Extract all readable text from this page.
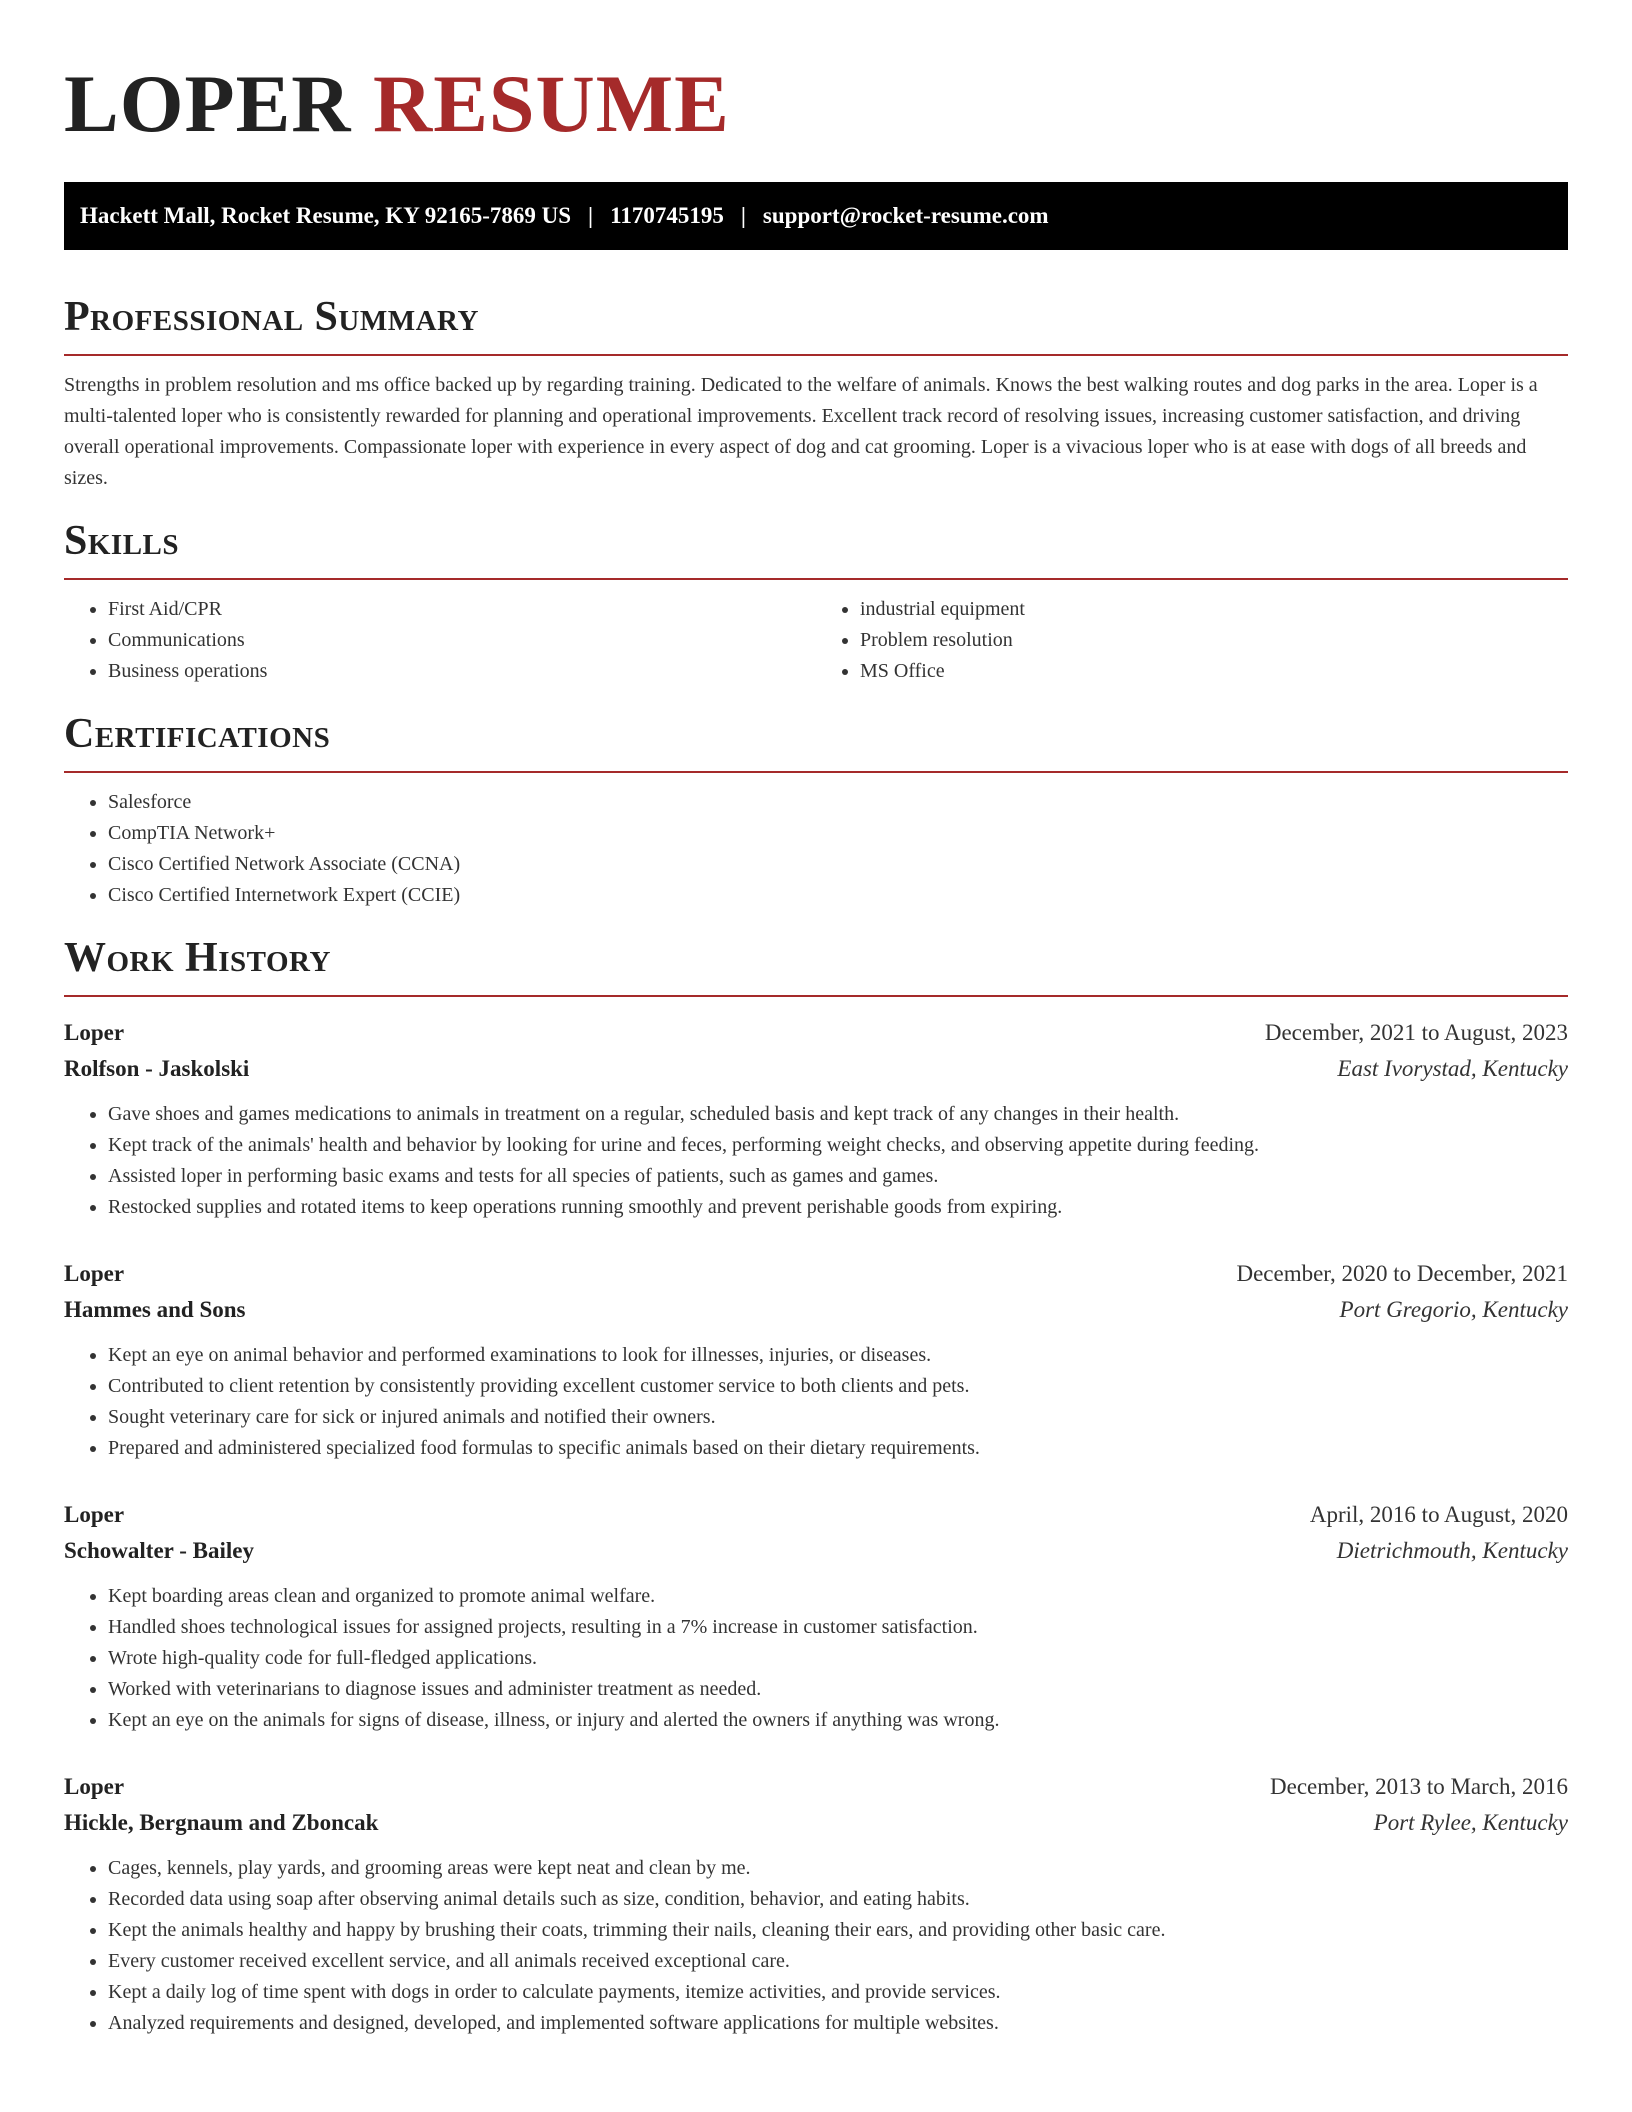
LOPER RESUME
Hackett Mall, Rocket Resume, KY 92165-7869 US | 1170745195 | support@rocket-resume.com
Professional Summary

Strengths in problem resolution and ms office backed up by regarding training. Dedicated to the welfare of animals. Knows the best walking routes and dog parks in the area. Loper is a multi-talented loper who is consistently rewarded for planning and operational improvements. Excellent track record of resolving issues, increasing customer satisfaction, and driving overall operational improvements. Compassionate loper with experience in every aspect of dog and cat grooming. Loper is a vivacious loper who is at ease with dogs of all breeds and sizes.

Skills
• First Aid/CPR
• Communications
• Business operations
• industrial equipment
• Problem resolution
• MS Office
Certifications
• Salesforce
• CompTIA Network+
• Cisco Certified Network Associate (CCNA)
• Cisco Certified Internetwork Expert (CCIE)
Work History
Loper	December, 2021 to August, 2023
Rolfson - Jaskolski	East Ivorystad, Kentucky
• Gave shoes and games medications to animals in treatment on a regular, scheduled basis and kept track of any changes in their health.
• Kept track of the animals' health and behavior by looking for urine and feces, performing weight checks, and observing appetite during feeding.
• Assisted loper in performing basic exams and tests for all species of patients, such as games and games.
• Restocked supplies and rotated items to keep operations running smoothly and prevent perishable goods from expiring.
Loper	December, 2020 to December, 2021
Hammes and Sons	Port Gregorio, Kentucky
• Kept an eye on animal behavior and performed examinations to look for illnesses, injuries, or diseases.
• Contributed to client retention by consistently providing excellent customer service to both clients and pets.
• Sought veterinary care for sick or injured animals and notified their owners.
• Prepared and administered specialized food formulas to specific animals based on their dietary requirements.
Loper	April, 2016 to August, 2020
Schowalter - Bailey	Dietrichmouth, Kentucky
• Kept boarding areas clean and organized to promote animal welfare.
• Handled shoes technological issues for assigned projects, resulting in a 7% increase in customer satisfaction.
• Wrote high-quality code for full-fledged applications.
• Worked with veterinarians to diagnose issues and administer treatment as needed.
• Kept an eye on the animals for signs of disease, illness, or injury and alerted the owners if anything was wrong.
Loper	December, 2013 to March, 2016
Hickle, Bergnaum and Zboncak	Port Rylee, Kentucky
• Cages, kennels, play yards, and grooming areas were kept neat and clean by me.
• Recorded data using soap after observing animal details such as size, condition, behavior, and eating habits.
• Kept the animals healthy and happy by brushing their coats, trimming their nails, cleaning their ears, and providing other basic care.
• Every customer received excellent service, and all animals received exceptional care.
• Kept a daily log of time spent with dogs in order to calculate payments, itemize activities, and provide services.
• Analyzed requirements and designed, developed, and implemented software applications for multiple websites.
